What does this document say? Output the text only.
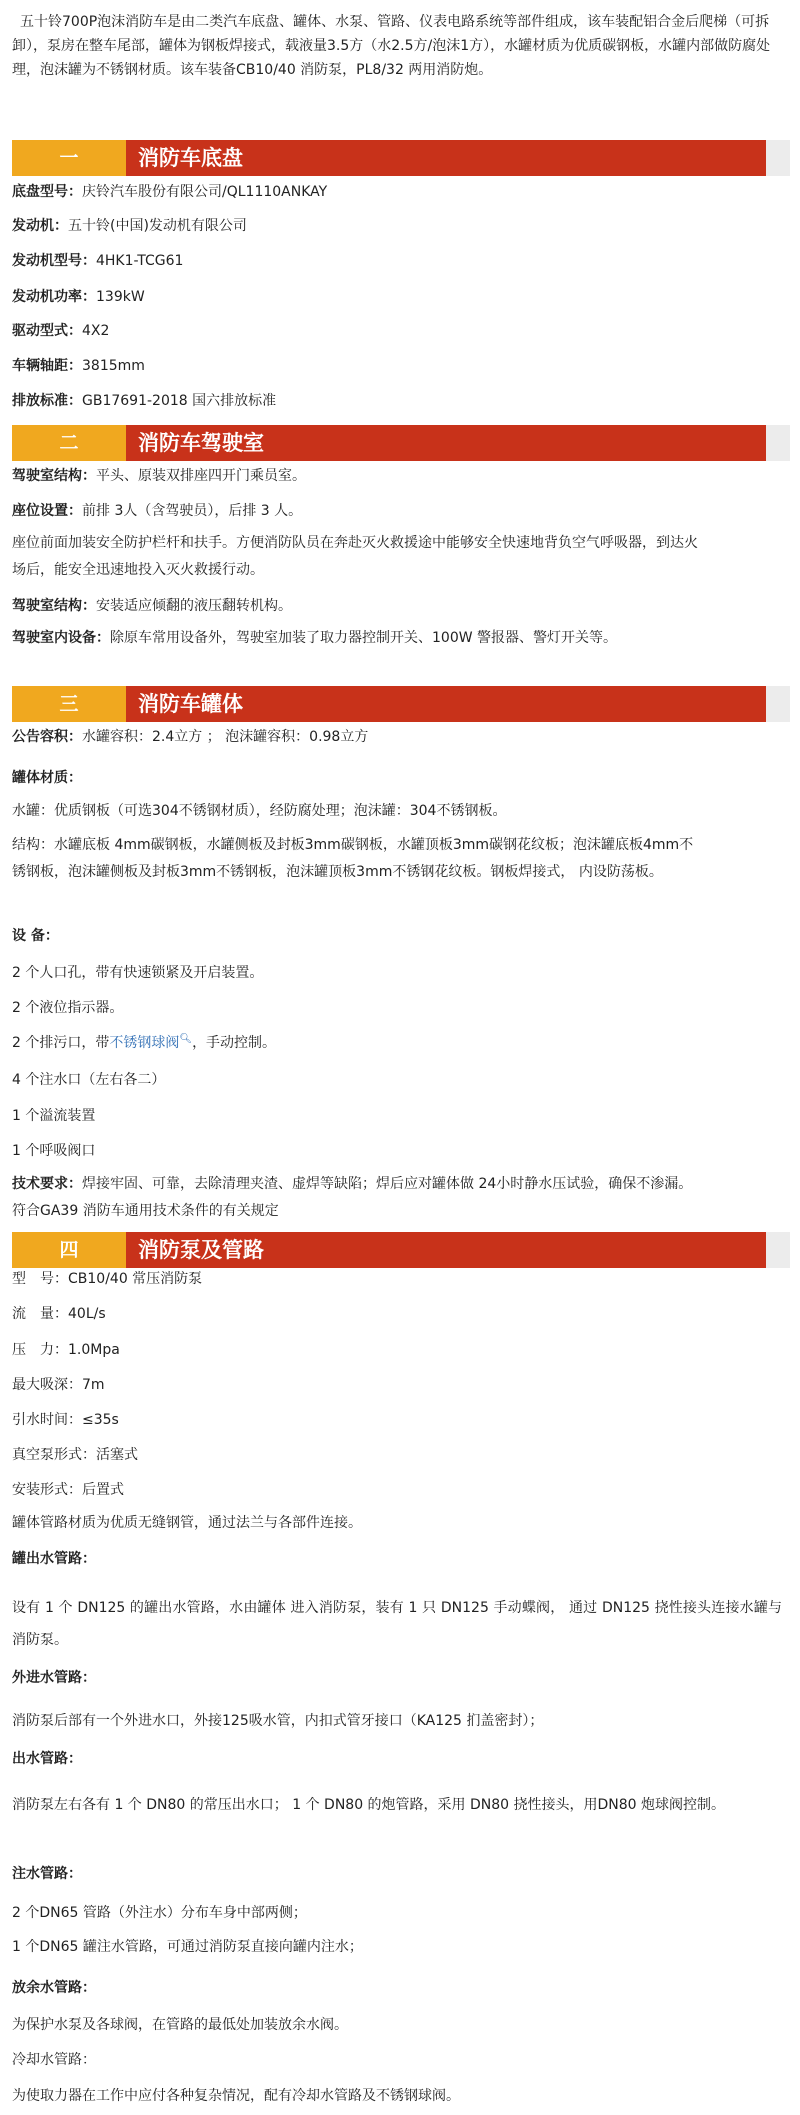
五十铃700P泡沫消防车是由二类汽车底盘、罐体、水泵、管路、仪表电路系统等部件组成，该车装配铝合金后爬梯（可拆卸），泵房在整车尾部，罐体为钢板焊接式，载液量3.5方（水2.5方/泡沫1方），水罐材质为优质碳钢板，水罐内部做防腐处理，泡沫罐为不锈钢材质。该车装备CB10/40 消防泵，PL8/32 两用消防炮。
一	消防车底盘
底盘型号：庆铃汽车股份有限公司/QL1110ANKAY
发动机：五十铃(中国)发动机有限公司
发动机型号：4HK1-TCG61
发动机功率：139kW
驱动型式：4X2
车辆轴距：3815mm
排放标准：GB17691-2018 国六排放标准
二	消防车驾驶室
驾驶室结构：平头、原装双排座四开门乘员室。
座位设置：前排 3人（含驾驶员），后排 3 人。
座位前面加装安全防护栏杆和扶手。方便消防队员在奔赴灭火救援途中能够安全快速地背负空气呼吸器，到达火场后，能安全迅速地投入灭火救援行动。
驾驶室结构：安装适应倾翻的液压翻转机构。
驾驶室内设备：除原车常用设备外，驾驶室加装了取力器控制开关、100W 警报器、警灯开关等。
三	消防车罐体
公告容积：水罐容积：2.4立方 ； 泡沫罐容积：0.98立方
罐体材质：
水罐：优质钢板（可选304不锈钢材质），经防腐处理；泡沫罐：304不锈钢板。
结构：水罐底板 4mm碳钢板，水罐侧板及封板3mm碳钢板，水罐顶板3mm碳钢花纹板；泡沫罐底板4mm不锈钢板，泡沫罐侧板及封板3mm不锈钢板，泡沫罐顶板3mm不锈钢花纹板。钢板焊接式， 内设防荡板。
设 备：
2 个人口孔，带有快速锁紧及开启装置。
2 个液位指示器。
2 个排污口，带不锈钢球阀🔍︎，手动控制。
4 个注水口（左右各二）
1 个溢流装置
1 个呼吸阀口
技术要求：焊接牢固、可靠，去除清理夹渣、虚焊等缺陷；焊后应对罐体做 24小时静水压试验，确保不渗漏。符合GA39 消防车通用技术条件的有关规定
四	消防泵及管路
型　号：CB10/40 常压消防泵
流　量：40L/s
压　力：1.0Mpa
最大吸深：7m
引水时间：≤35s
真空泵形式：活塞式
安装形式：后置式
罐体管路材质为优质无缝钢管，通过法兰与各部件连接。
罐出水管路：
设有 1 个 DN125 的罐出水管路，水由罐体 进入消防泵，装有 1 只 DN125 手动蝶阀， 通过 DN125 挠性接头连接水罐与消防泵。
外进水管路：
消防泵后部有一个外进水口，外接125吸水管，内扣式管牙接口（KA125 扪盖密封）；
出水管路：
消防泵左右各有 1 个 DN80 的常压出水口； 1 个 DN80 的炮管路，采用 DN80 挠性接头，用DN80 炮球阀控制。
注水管路：
2 个DN65 管路（外注水）分布车身中部两侧；
1 个DN65 罐注水管路，可通过消防泵直接向罐内注水；
放余水管路：
为保护水泵及各球阀，在管路的最低处加装放余水阀。
冷却水管路：
为使取力器在工作中应付各种复杂情况，配有冷却水管路及不锈钢球阀。
